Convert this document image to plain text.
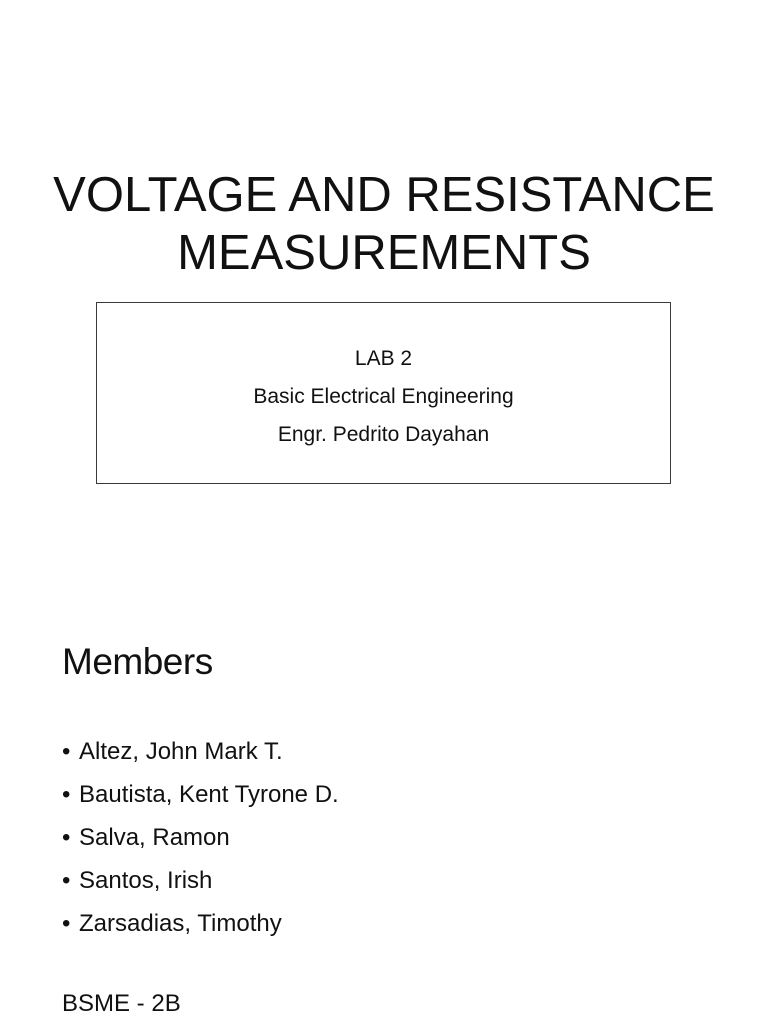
VOLTAGE AND RESISTANCE
MEASUREMENTS
LAB 2
Basic Electrical Engineering
Engr. Pedrito Dayahan
Members
• Altez, John Mark T.
• Bautista, Kent Tyrone D.
• Salva, Ramon
• Santos, Irish
• Zarsadias, Timothy
BSME - 2B
